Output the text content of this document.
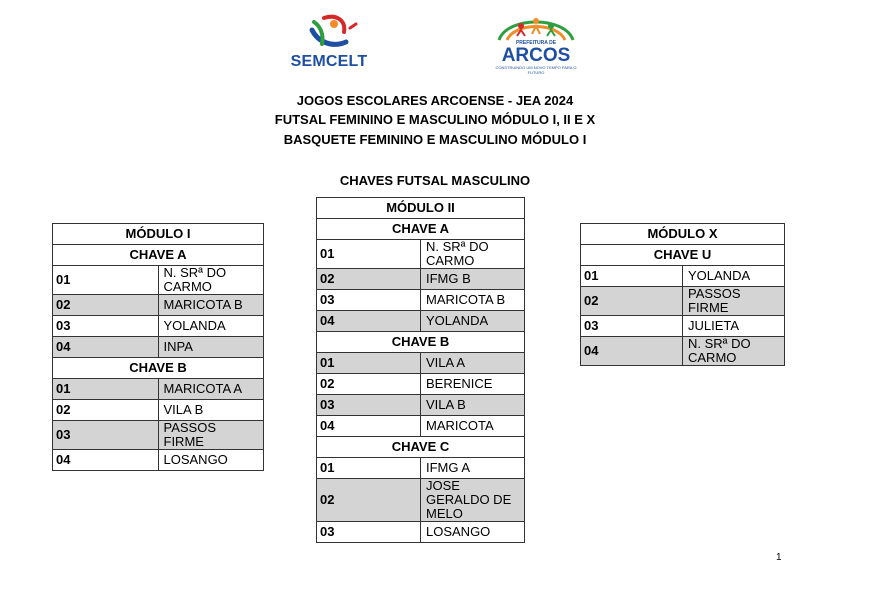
SEMCELT
PREFEITURA DE
ARCOS
CONSTRUINDO UM NOVO TEMPO PARA O FUTURO
JOGOS ESCOLARES ARCOENSE - JEA 2024
FUTSAL FEMININO E MASCULINO MÓDULO I, II E X
BASQUETE FEMININO E MASCULINO MÓDULO I
CHAVES FUTSAL MASCULINO
MÓDULO I	
CHAVE A	
01	N. SRª DO CARMO
02	MARICOTA B
03	YOLANDA
04	INPA
CHAVE B	
01	MARICOTA A
02	VILA B
03	PASSOS FIRME
04	LOSANGO
MÓDULO II	
CHAVE A	
01	N. SRª DO CARMO
02	IFMG B
03	MARICOTA B
04	YOLANDA
CHAVE B	
01	VILA A
02	BERENICE
03	VILA B
04	MARICOTA
CHAVE C	
01	IFMG A
02	JOSE GERALDO DE MELO
03	LOSANGO
MÓDULO X	
CHAVE U	
01	YOLANDA
02	PASSOS FIRME
03	JULIETA
04	N. SRª DO CARMO
1
